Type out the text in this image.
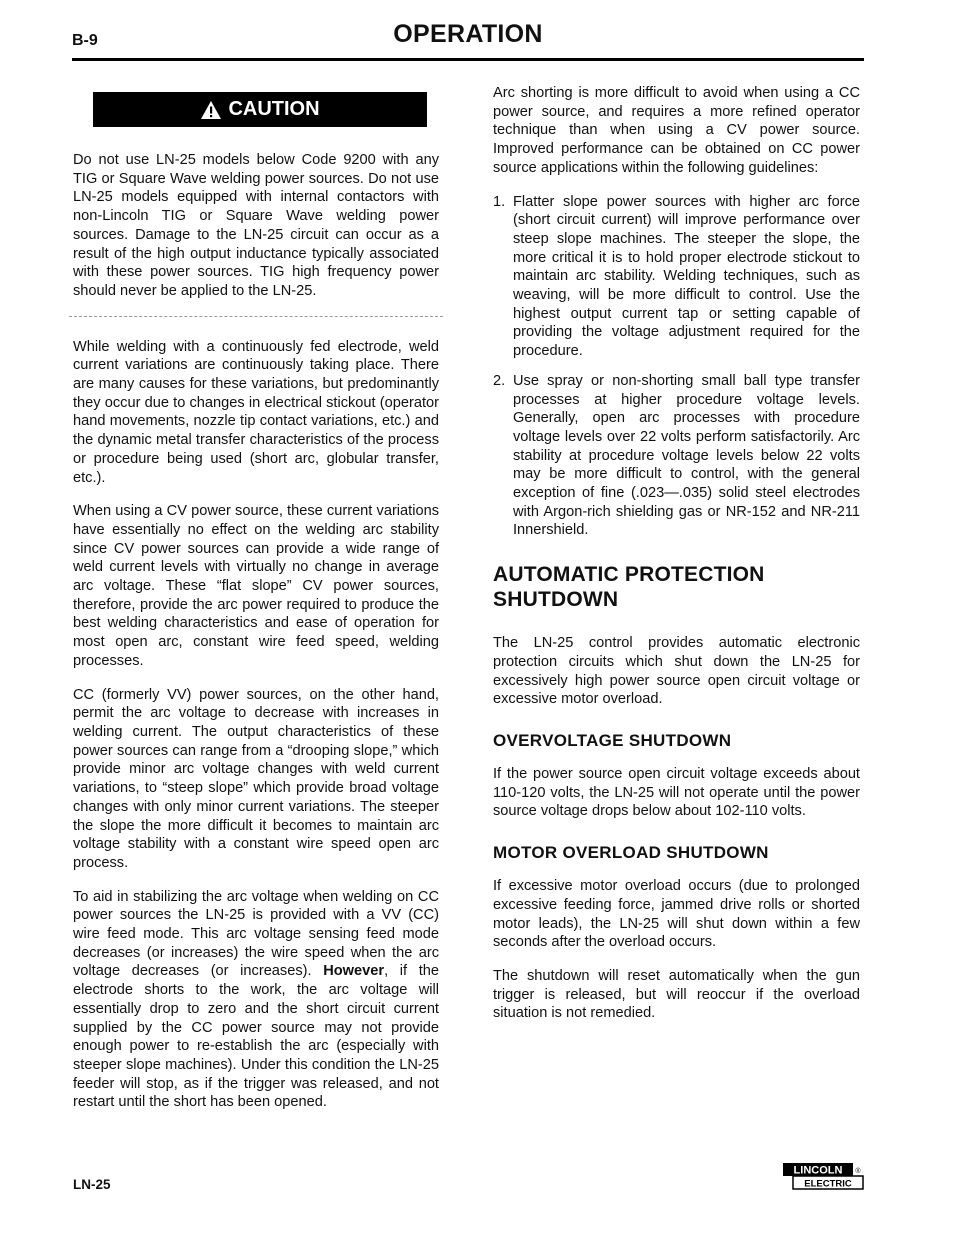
B-9	OPERATION
CAUTION

Do not use LN-25 models below Code 9200 with any TIG or Square Wave welding power sources. Do not use LN-25 models equipped with internal contactors with non-Lincoln TIG or Square Wave welding power sources. Damage to the LN-25 circuit can occur as a result of the high output inductance typically associated with these power sources. TIG high frequency power should never be applied to the LN-25.

While welding with a continuously fed electrode, weld current variations are continuously taking place. There are many causes for these variations, but predominantly they occur due to changes in electrical stickout (operator hand movements, nozzle tip contact variations, etc.) and the dynamic metal transfer characteristics of the process or procedure being used (short arc, globular transfer, etc.).

When using a CV power source, these current variations have essentially no effect on the welding arc stability since CV power sources can provide a wide range of weld current levels with virtually no change in average arc voltage. These “flat slope” CV power sources, therefore, provide the arc power required to produce the best welding characteristics and ease of operation for most open arc, constant wire feed speed, welding processes.

CC (formerly VV) power sources, on the other hand, permit the arc voltage to decrease with increases in welding current. The output characteristics of these power sources can range from a “drooping slope,” which provide minor arc voltage changes with weld current variations, to “steep slope” which provide broad voltage changes with only minor current variations. The steeper the slope the more difficult it becomes to maintain arc voltage stability with a constant wire speed open arc process.

To aid in stabilizing the arc voltage when welding on CC power sources the LN-25 is provided with a VV (CC) wire feed mode. This arc voltage sensing feed mode decreases (or increases) the wire speed when the arc voltage decreases (or increases). However, if the electrode shorts to the work, the arc voltage will essentially drop to zero and the short circuit current supplied by the CC power source may not provide enough power to re-establish the arc (especially with steeper slope machines). Under this condition the LN-25 feeder will stop, as if the trigger was released, and not restart until the short has been opened.

Arc shorting is more difficult to avoid when using a CC power source, and requires a more refined operator technique than when using a CV power source. Improved performance can be obtained on CC power source applications within the following guidelines:

1. Flatter slope power sources with higher arc force (short circuit current) will improve performance over steep slope machines. The steeper the slope, the more critical it is to hold proper electrode stickout to maintain arc stability. Welding techniques, such as weaving, will be more difficult to control. Use the highest output current tap or setting capable of providing the voltage adjustment required for the procedure.
2. Use spray or non-shorting small ball type transfer processes at higher procedure voltage levels. Generally, open arc processes with procedure voltage levels over 22 volts perform satisfactorily. Arc stability at procedure voltage levels below 22 volts may be more difficult to control, with the general exception of fine (.023—.035) solid steel electrodes with Argon-rich shielding gas or NR-152 and NR-211 Innershield.
AUTOMATIC PROTECTION SHUTDOWN

The LN-25 control provides automatic electronic protection circuits which shut down the LN-25 for excessively high power source open circuit voltage or excessive motor overload.

OVERVOLTAGE SHUTDOWN

If the power source open circuit voltage exceeds about 110-120 volts, the LN-25 will not operate until the power source voltage drops below about 102-110 volts.

MOTOR OVERLOAD SHUTDOWN

If excessive motor overload occurs (due to prolonged excessive feeding force, jammed drive rolls or shorted motor leads), the LN-25 will shut down within a few seconds after the overload occurs.

The shutdown will reset automatically when the gun trigger is released, but will reoccur if the overload situation is not remedied.

LN-25
LINCOLN
ELECTRIC
®
